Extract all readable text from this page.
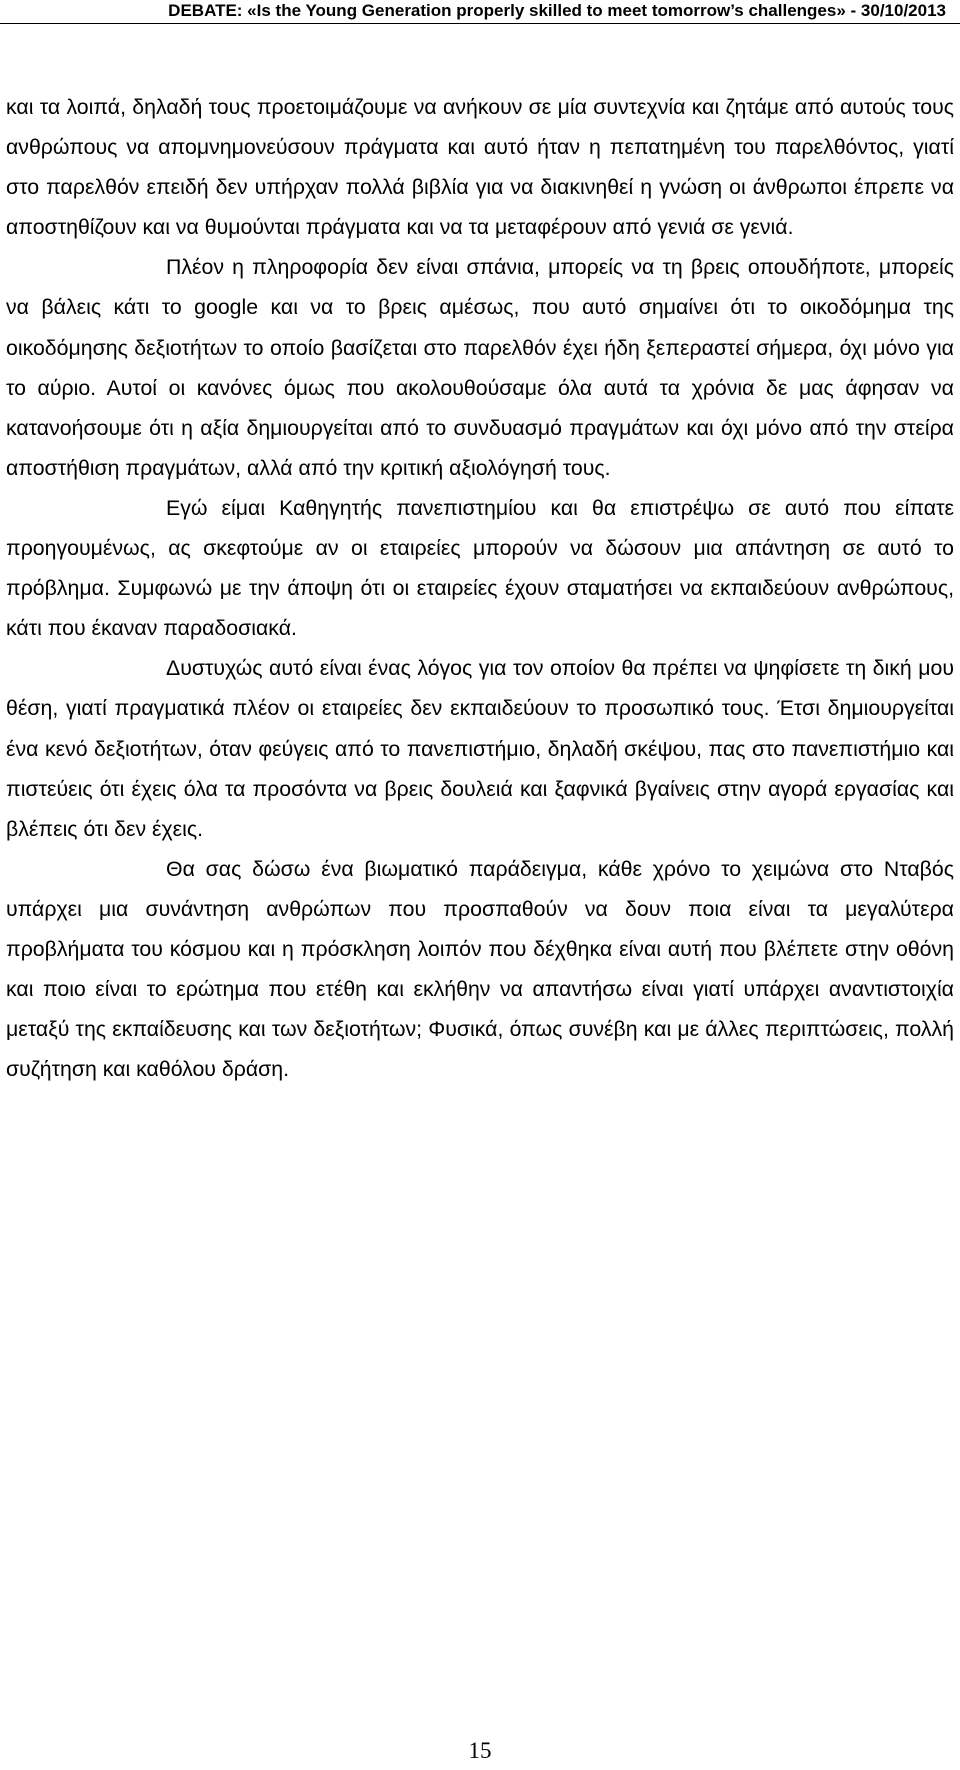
DEBATE: «Is the Young Generation properly skilled to meet tomorrow’s challenges» - 30/10/2013

και τα λοιπά, δηλαδή τους προετοιμάζουμε να ανήκουν σε μία συντεχνία και ζητάμε από αυτούς τους ανθρώπους να απομνημονεύσουν πράγματα και αυτό ήταν η πεπατημένη του παρελθόντος, γιατί στο παρελθόν επειδή δεν υπήρχαν πολλά βιβλία για να διακινηθεί η γνώση οι άνθρωποι έπρεπε να αποστηθίζουν και να θυμούνται πράγματα και να τα μεταφέρουν από γενιά σε γενιά.

Πλέον η πληροφορία δεν είναι σπάνια, μπορείς να τη βρεις οπουδήποτε, μπορείς να βάλεις κάτι το google και να το βρεις αμέσως, που αυτό σημαίνει ότι το οικοδόμημα της οικοδόμησης δεξιοτήτων το οποίο βασίζεται στο παρελθόν έχει ήδη ξεπεραστεί σήμερα, όχι μόνο για το αύριο. Αυτοί οι κανόνες όμως που ακολουθούσαμε όλα αυτά τα χρόνια δε μας άφησαν να κατανοήσουμε ότι η αξία δημιουργείται από το συνδυασμό πραγμάτων και όχι μόνο από την στείρα αποστήθιση πραγμάτων, αλλά από την κριτική αξιολόγησή τους.

Εγώ είμαι Καθηγητής πανεπιστημίου και θα επιστρέψω σε αυτό που είπατε προηγουμένως, ας σκεφτούμε αν οι εταιρείες μπορούν να δώσουν μια απάντηση σε αυτό το πρόβλημα. Συμφωνώ με την άποψη ότι οι εταιρείες έχουν σταματήσει να εκπαιδεύουν ανθρώπους, κάτι που έκαναν παραδοσιακά.

Δυστυχώς αυτό είναι ένας λόγος για τον οποίον θα πρέπει να ψηφίσετε τη δική μου θέση, γιατί πραγματικά πλέον οι εταιρείες δεν εκπαιδεύουν το προσωπικό τους. Έτσι δημιουργείται ένα κενό δεξιοτήτων, όταν φεύγεις από το πανεπιστήμιο, δηλαδή σκέψου, πας στο πανεπιστήμιο και πιστεύεις ότι έχεις όλα τα προσόντα να βρεις δουλειά και ξαφνικά βγαίνεις στην αγορά εργασίας και βλέπεις ότι δεν έχεις.

Θα σας δώσω ένα βιωματικό παράδειγμα, κάθε χρόνο το χειμώνα στο Νταβός υπάρχει μια συνάντηση ανθρώπων που προσπαθούν να δουν ποια είναι τα μεγαλύτερα προβλήματα του κόσμου και η πρόσκληση λοιπόν που δέχθηκα είναι αυτή που βλέπετε στην οθόνη και ποιο είναι το ερώτημα που ετέθη και εκλήθην να απαντήσω είναι γιατί υπάρχει αναντιστοιχία μεταξύ της εκπαίδευσης και των δεξιοτήτων; Φυσικά, όπως συνέβη και με άλλες περιπτώσεις, πολλή συζήτηση και καθόλου δράση.

15
